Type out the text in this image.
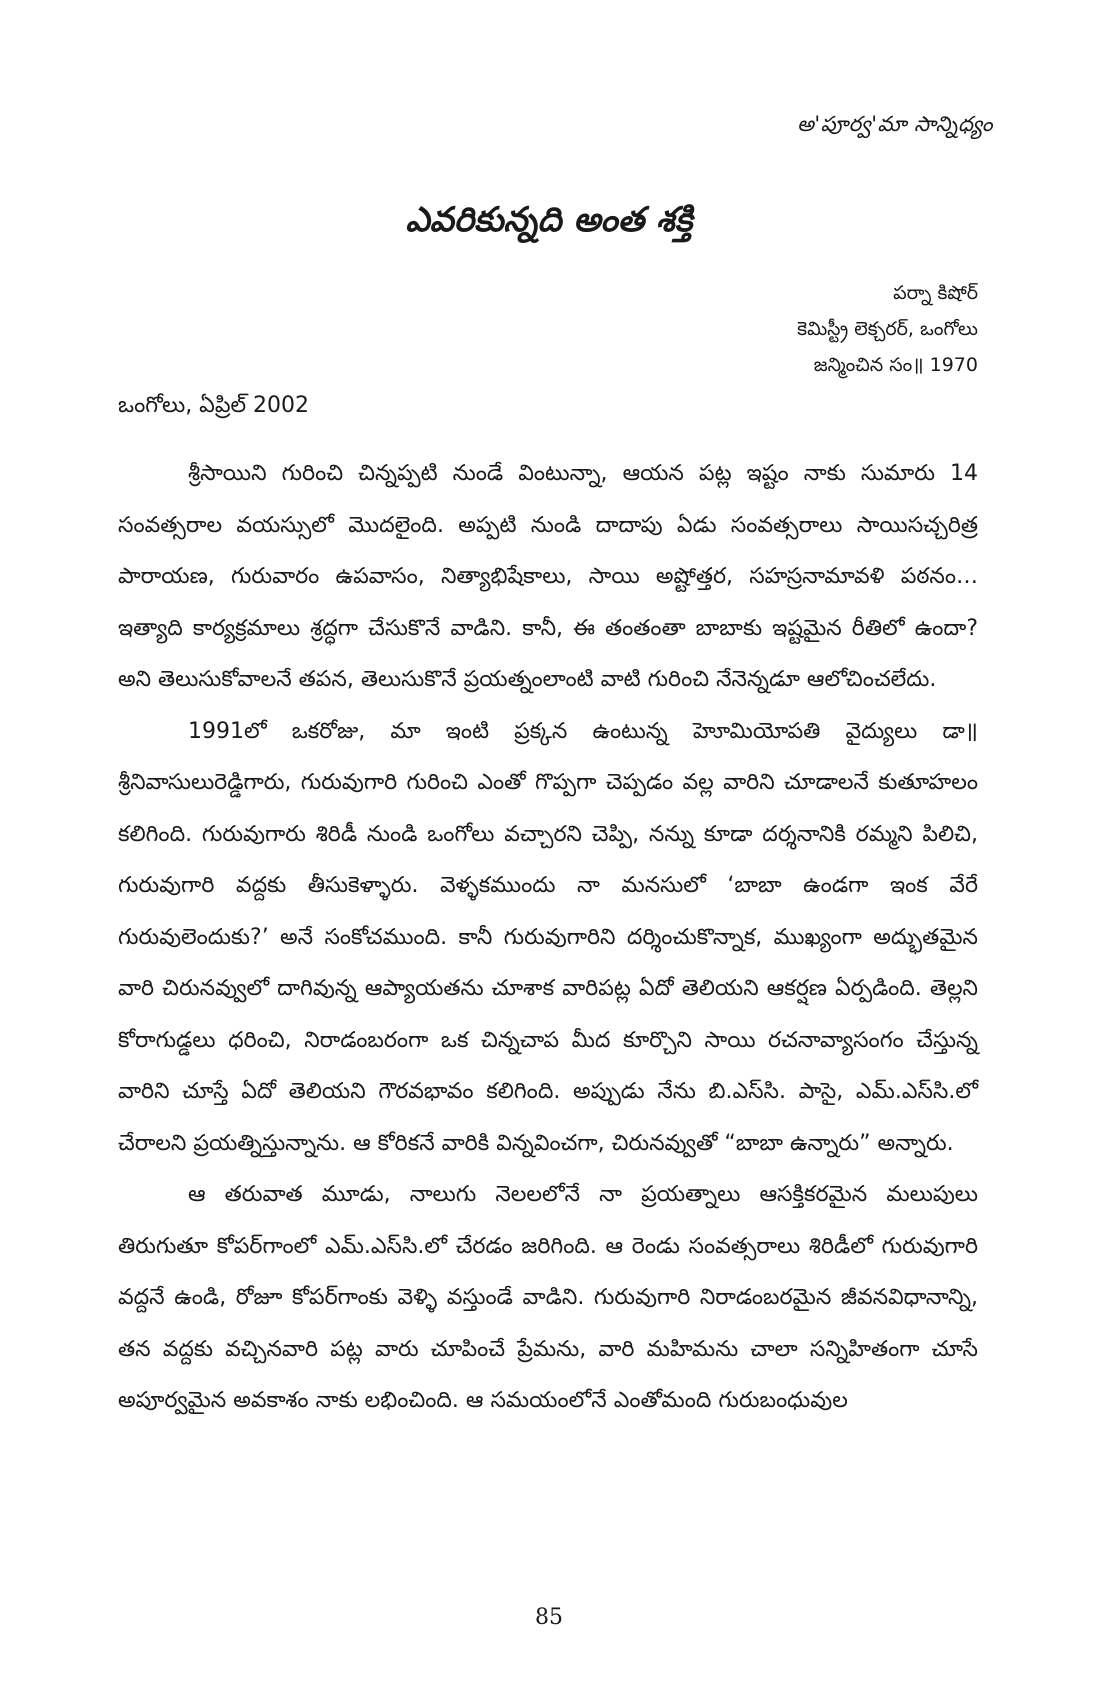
అ'పూర్వ'మా సాన్నిధ్యం
ఎవరికున్నది అంత శక్తి
పర్నా కిషోర్
కెమిస్ట్రీ లెక్చరర్, ఒంగోలు
జన్మించిన సం॥ 1970
ఒంగోలు, ఏప్రిల్ 2002

శ్రీసాయిని గురించి చిన్నప్పటి నుండే వింటున్నా, ఆయన పట్ల ఇష్టం నాకు సుమారు 14 సంవత్సరాల వయస్సులో మొదలైంది. అప్పటి నుండి దాదాపు ఏడు సంవత్సరాలు సాయిసచ్చరిత్ర పారాయణ, గురువారం ఉపవాసం, నిత్యాభిషేకాలు, సాయి అష్టోత్తర, సహస్రనామావళి పఠనం… ఇత్యాది కార్యక్రమాలు శ్రద్ధగా చేసుకొనే వాడిని. కానీ, ఈ తంతంతా బాబాకు ఇష్టమైన రీతిలో ఉందా? అని తెలుసుకోవాలనే తపన, తెలుసుకొనే ప్రయత్నంలాంటి వాటి గురించి నేనెన్నడూ ఆలోచించలేదు.

1991లో ఒకరోజు, మా ఇంటి ప్రక్కన ఉంటున్న హెూమియోపతి వైద్యులు డా॥ శ్రీనివాసులురెడ్డిగారు, గురువుగారి గురించి ఎంతో గొప్పగా చెప్పడం వల్ల వారిని చూడాలనే కుతూహలం కలిగింది. గురువుగారు శిరిడీ నుండి ఒంగోలు వచ్చారని చెప్పి, నన్ను కూడా దర్శనానికి రమ్మని పిలిచి, గురువుగారి వద్దకు తీసుకెళ్ళారు. వెళ్ళకముందు నా మనసులో ‘బాబా ఉండగా ఇంక వేరే గురువులెందుకు?’ అనే సంకోచముంది. కానీ గురువుగారిని దర్శించుకొన్నాక, ముఖ్యంగా అద్భుతమైన వారి చిరునవ్వులో దాగివున్న ఆప్యాయతను చూశాక వారిపట్ల ఏదో తెలియని ఆకర్షణ ఏర్పడింది. తెల్లని కోరాగుడ్డలు ధరించి, నిరాడంబరంగా ఒక చిన్నచాప మీద కూర్చొని సాయి రచనావ్యాసంగం చేస్తున్న వారిని చూస్తే ఏదో తెలియని గౌరవభావం కలిగింది. అప్పుడు నేను బి.ఎస్‌సి. పాసై, ఎమ్.ఎస్‌సి.లో చేరాలని ప్రయత్నిస్తున్నాను. ఆ కోరికనే వారికి విన్నవించగా, చిరునవ్వుతో “బాబా ఉన్నారు” అన్నారు.

ఆ తరువాత మూడు, నాలుగు నెలలలోనే నా ప్రయత్నాలు ఆసక్తికరమైన మలుపులు తిరుగుతూ కోపర్‌గాంలో ఎమ్.ఎస్‌సి.లో చేరడం జరిగింది. ఆ రెండు సంవత్సరాలు శిరిడీలో గురువుగారి వద్దనే ఉండి, రోజూ కోపర్‌గాంకు వెళ్ళి వస్తుండే వాడిని. గురువుగారి నిరాడంబరమైన జీవనవిధానాన్ని, తన వద్దకు వచ్చినవారి పట్ల వారు చూపించే ప్రేమను, వారి మహిమను చాలా సన్నిహితంగా చూసే అపూర్వమైన అవకాశం నాకు లభించింది. ఆ సమయంలోనే ఎంతోమంది గురుబంధువుల

85
